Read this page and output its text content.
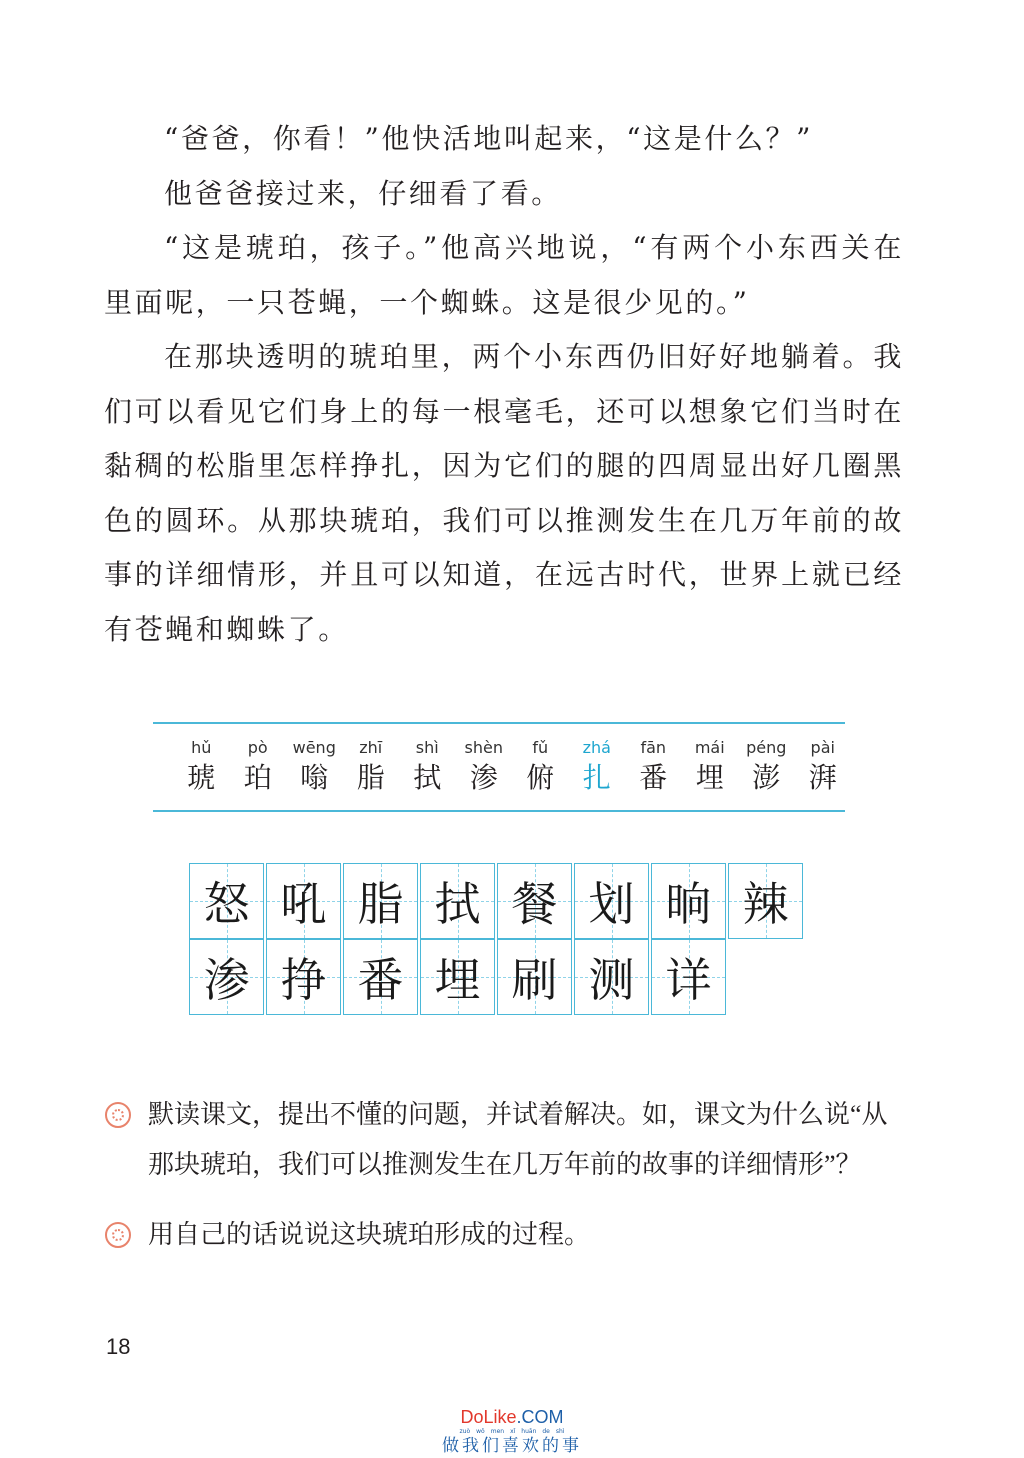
“爸爸，你看！”他快活地叫起来，“这是什么？”

他爸爸接过来，仔细看了看。

“这是琥珀，孩子。”他高兴地说，“有两个小东西关在里面呢，一只苍蝇，一个蜘蛛。这是很少见的。”

在那块透明的琥珀里，两个小东西仍旧好好地躺着。我们可以看见它们身上的每一根毫毛，还可以想象它们当时在黏稠的松脂里怎样挣扎，因为它们的腿的四周显出好几圈黑色的圆环。从那块琥珀，我们可以推测发生在几万年前的故事的详细情形，并且可以知道，在远古时代，世界上就已经有苍蝇和蜘蛛了。

hǔ
琥
pò
珀
wēng
嗡
zhī
脂
shì
拭
shèn
渗
fǔ
俯
zhá
扎
fān
番
mái
埋
péng
澎
pài
湃
怒 吼 脂 拭 餐 划 晌 辣
渗 挣 番 埋 刷 测 详
默读课文，提出不懂的问题，并试着解决。如，课文为什么说“从那块琥珀，我们可以推测发生在几万年前的故事的详细情形”？
用自己的话说说这块琥珀形成的过程。
18
DoLike.COM
zuò wǒ men xǐ huān de shì
做我们喜欢的事
